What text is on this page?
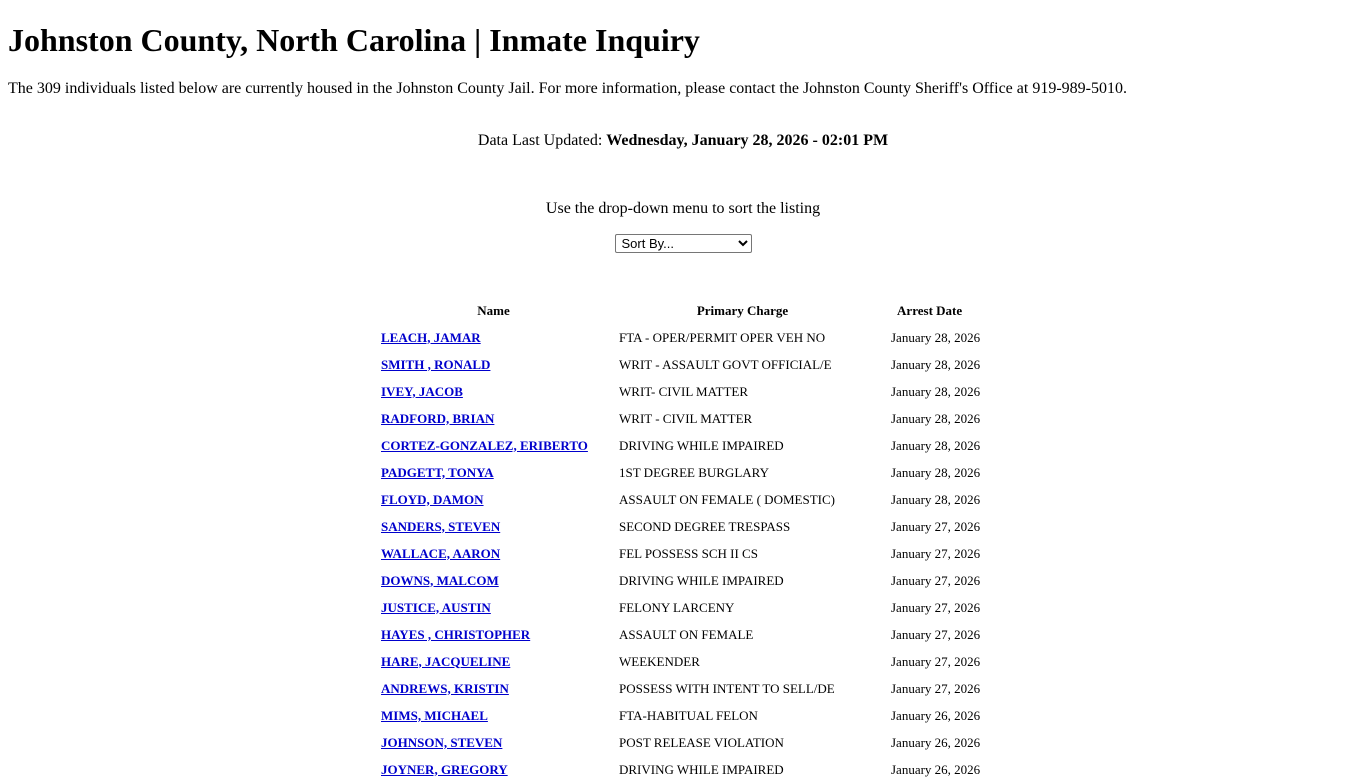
Johnston County, North Carolina | Inmate Inquiry

The 309 individuals listed below are currently housed in the Johnston County Jail. For more information, please contact the Johnston County Sheriff's Office at 919-989-5010.

Data Last Updated: Wednesday, January 28, 2026 - 02:01 PM
Use the drop-down menu to sort the listing
Sort By...
Name	Primary Charge	Arrest Date
LEACH, JAMAR	FTA - OPER/PERMIT OPER VEH NO	January 28, 2026
SMITH , RONALD	WRIT - ASSAULT GOVT OFFICIAL/E	January 28, 2026
IVEY, JACOB	WRIT- CIVIL MATTER	January 28, 2026
RADFORD, BRIAN	WRIT - CIVIL MATTER	January 28, 2026
CORTEZ-GONZALEZ, ERIBERTO	DRIVING WHILE IMPAIRED	January 28, 2026
PADGETT, TONYA	1ST DEGREE BURGLARY	January 28, 2026
FLOYD, DAMON	ASSAULT ON FEMALE ( DOMESTIC)	January 28, 2026
SANDERS, STEVEN	SECOND DEGREE TRESPASS	January 27, 2026
WALLACE, AARON	FEL POSSESS SCH II CS	January 27, 2026
DOWNS, MALCOM	DRIVING WHILE IMPAIRED	January 27, 2026
JUSTICE, AUSTIN	FELONY LARCENY	January 27, 2026
HAYES , CHRISTOPHER	ASSAULT ON FEMALE	January 27, 2026
HARE, JACQUELINE	WEEKENDER	January 27, 2026
ANDREWS, KRISTIN	POSSESS WITH INTENT TO SELL/DE	January 27, 2026
MIMS, MICHAEL	FTA-HABITUAL FELON	January 26, 2026
JOHNSON, STEVEN	POST RELEASE VIOLATION	January 26, 2026
JOYNER, GREGORY	DRIVING WHILE IMPAIRED	January 26, 2026
